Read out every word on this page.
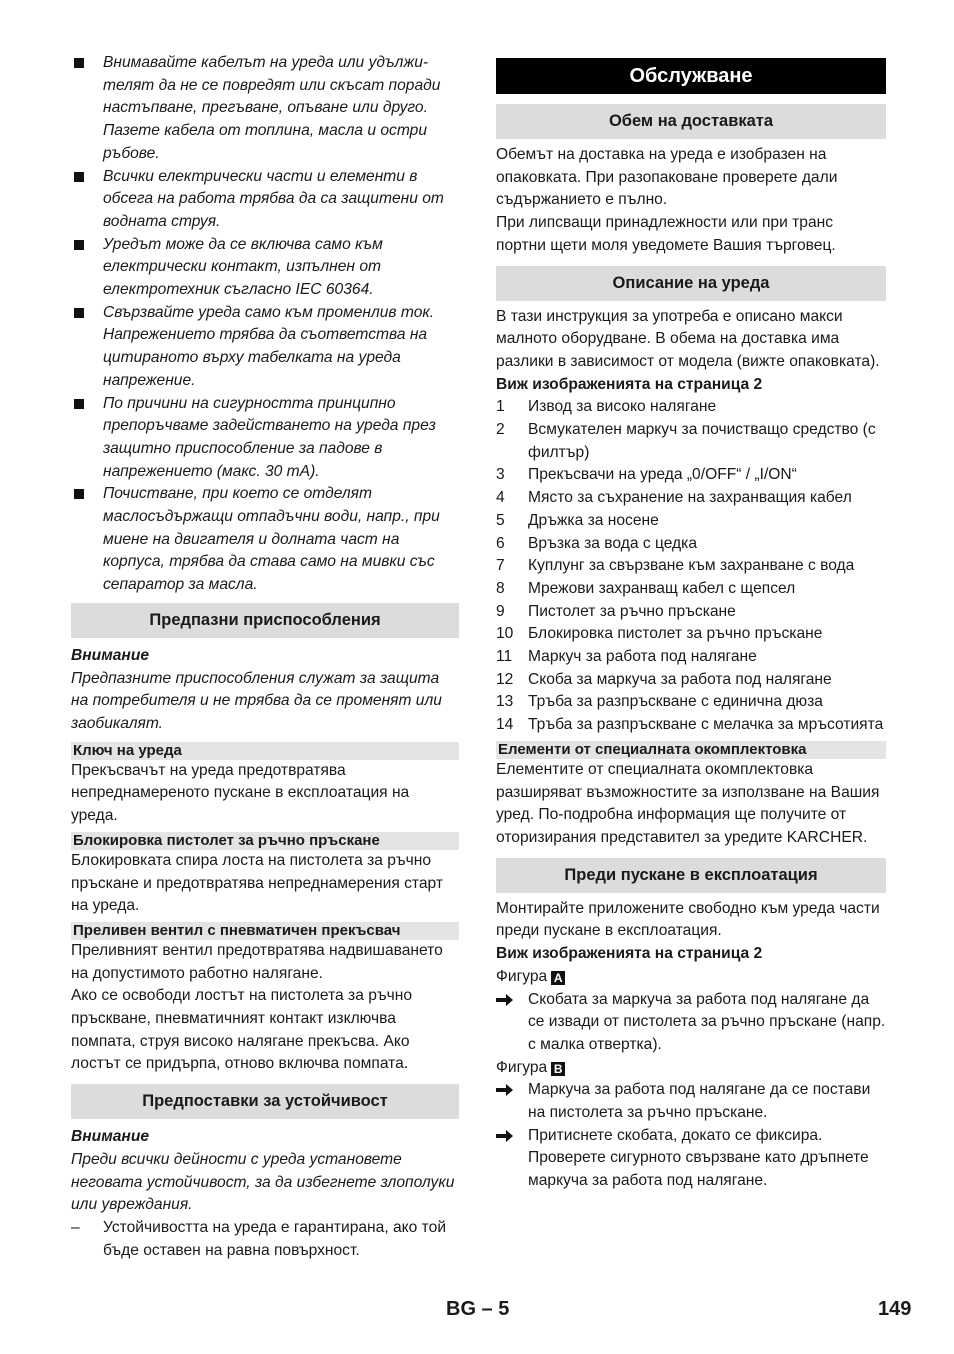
Внимавайте кабелът на уреда или удължи- телят да не се повредят или скъсат поради настъпване, прегъване, опъване или друго. Пазете кабела от топлина, масла и остри ръбове.
Всички електрически части и елементи в обсега на работа трябва да са защитени от водната струя.
Уредът може да се включва само към електрически контакт, изпълнен от електротехник съгласно IEC 60364.
Свързвайте уреда само към променлив ток. Напрежението трябва да съответства на цитираното върху табелката на уреда напрежение.
По причини на сигурността принципно препоръчваме задействането на уреда през защитно приспособление за падове в напрежението (макс. 30 mA).
Почистване, при което се отделят маслосъдържащи отпадъчни води, напр., при миене на двигателя и долната част на корпуса, трябва да става само на мивки със сепаратор за масла.
Предпазни приспособления

Внимание

Предпазните приспособления служат за защита на потребителя и не трябва да се променят или заобикалят.

Ключ на уреда

Прекъсвачът на уреда предотвратява непреднамереното пускане в експлоатация на уреда.

Блокировка пистолет за ръчно пръскане

Блокировката спира лоста на пистолета за ръчно пръскане и предотвратява непреднамерения старт на уреда.

Преливен вентил с пневматичен прекъсвач

Преливният вентил предотвратява надвишаването на допустимото работно налягане.

Ако се освободи лостът на пистолета за ръчно пръскване, пневматичният контакт изключва помпата, струя високо налягане прекъсва. Ако лостът се придърпа, отново включва помпата.

Предпоставки за устойчивост

Внимание

Преди всички дейности с уреда установете неговата устойчивост, за да избегнете злополуки или увреждания.

– Устойчивостта на уреда е гарантирана, ако той бъде оставен на равна повърхност.
Обслужване
Обем на доставката

Обемът на доставка на уреда е изобразен на опаковката. При разопаковане проверете дали съдържанието е пълно.

При липсващи принадлежности или при транс портни щети моля уведомете Вашия търговец.

Описание на уреда

В тази инструкция за употреба е описано макси малното оборудване. В обема на доставка има разлики в зависимост от модела (вижте опаковката).

Виж изображенията на страница 2

1 Извод за високо налягане
2 Всмукателен маркуч за почистващо средство (с филтър)
3 Прекъсвачи на уреда „0/OFF“ / „I/ON“
4 Място за съхранение на захранващия кабел
5 Дръжка за носене
6 Връзка за вода с цедка
7 Куплунг за свързване към захранване с вода
8 Мрежови захранващ кабел с щепсел
9 Пистолет за ръчно пръскане
10 Блокировка пистолет за ръчно пръскане
11 Маркуч за работа под налягане
12 Скоба за маркуча за работа под налягане
13 Тръба за разпръскване с единична дюза
14 Тръба за разпръскване с мелачка за мръсотията
Елементи от специалната окомплектовка

Елементите от специалната окомплектовка разширяват възможностите за използване на Вашия уред. По-подробна информация ще получите от оторизирания представител за уредите KARCHER.

Преди пускане в експлоатация

Монтирайте приложените свободно към уреда части преди пускане в експлоатация.

Виж изображенията на страница 2

Фигура A

Скобата за маркуча за работа под налягане да се извади от пистолета за ръчно пръскане (напр. с малка отвертка).

Фигура B

Маркуча за работа под налягане да се постави на пистолета за ръчно пръскане.
Притиснете скобата, докато се фиксира. Проверете сигурното свързване като дръпнете маркуча за работа под налягане.
BG – 5	149
